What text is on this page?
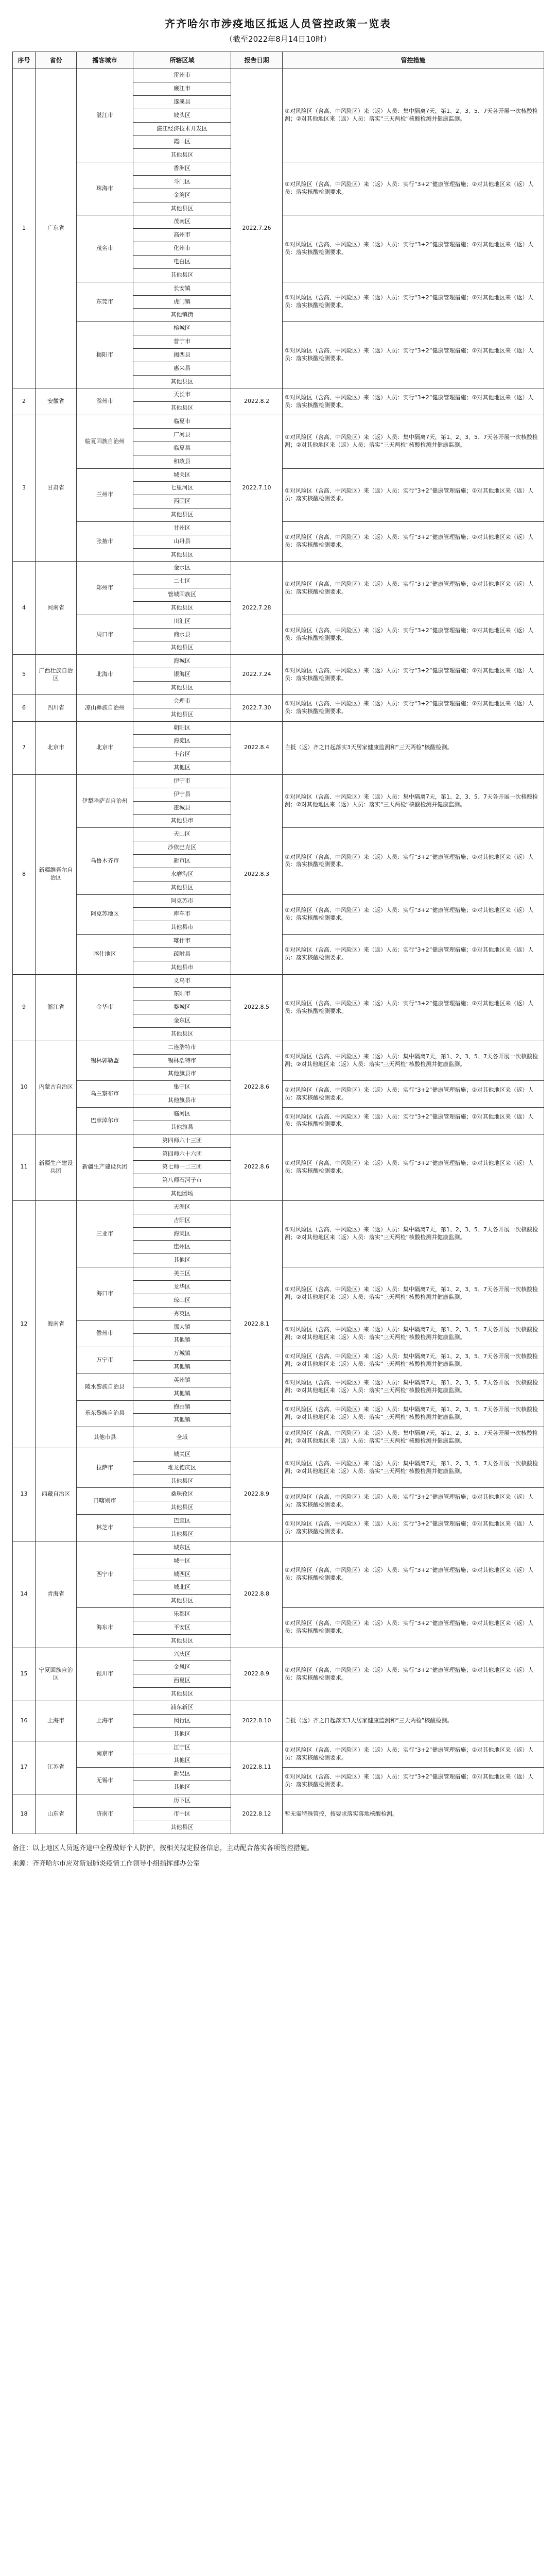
齐齐哈尔市涉疫地区抵返人员管控政策一览表
（截至2022年8月14日10时）
序号	省份	播客城市	所辖区域	报告日期	管控措施
1	广东省	湛江市	雷州市	2022.7.26	①对风险区（含高、中风险区）来（返）人员：集中隔离7天，第1、2、3、5、7天各开展一次核酸检测；②对其他地区来（返）人员：落实“三天两检”核酸检测并健康监测。
			廉江市		
			遂溪县		
			坡头区		
			湛江经济技术开发区		
			霞山区		
			其他县区		
		珠海市	香洲区		①对风险区（含高、中风险区）来（返）人员：实行“3+2”健康管理措施；②对其他地区来（返）人员：落实核酸检测要求。
			斗门区		
			金湾区		
			其他县区		
		茂名市	茂南区		①对风险区（含高、中风险区）来（返）人员：实行“3+2”健康管理措施；②对其他地区来（返）人员：落实核酸检测要求。
			高州市		
			化州市		
			电白区		
			其他县区		
		东莞市	长安镇		①对风险区（含高、中风险区）来（返）人员：实行“3+2”健康管理措施；②对其他地区来（返）人员：落实核酸检测要求。
			虎门镇		
			其他镇街		
		揭阳市	榕城区		①对风险区（含高、中风险区）来（返）人员：实行“3+2”健康管理措施；②对其他地区来（返）人员：落实核酸检测要求。
			普宁市		
			揭西县		
			惠来县		
			其他县区		
2	安徽省	滁州市	天长市	2022.8.2	①对风险区（含高、中风险区）来（返）人员：实行“3+2”健康管理措施；②对其他地区来（返）人员：落实核酸检测要求。
			其他县区		
3	甘肃省	临夏回族自治州	临夏市	2022.7.10	①对风险区（含高、中风险区）来（返）人员：集中隔离7天，第1、2、3、5、7天各开展一次核酸检测；②对其他地区来（返）人员：落实“三天两检”核酸检测并健康监测。
			广河县		
			临夏县		
			和政县		
		兰州市	城关区		①对风险区（含高、中风险区）来（返）人员：实行“3+2”健康管理措施；②对其他地区来（返）人员：落实核酸检测要求。
			七里河区		
			西固区		
			其他县区		
		张掖市	甘州区		①对风险区（含高、中风险区）来（返）人员：实行“3+2”健康管理措施；②对其他地区来（返）人员：落实核酸检测要求。
			山丹县		
			其他县区		
4	河南省	郑州市	金水区	2022.7.28	①对风险区（含高、中风险区）来（返）人员：实行“3+2”健康管理措施；②对其他地区来（返）人员：落实核酸检测要求。
			二七区		
			管城回族区		
			其他县区		
		周口市	川汇区		①对风险区（含高、中风险区）来（返）人员：实行“3+2”健康管理措施；②对其他地区来（返）人员：落实核酸检测要求。
			商水县		
			其他县区		
5	广西壮族自治区	北海市	海城区	2022.7.24	①对风险区（含高、中风险区）来（返）人员：实行“3+2”健康管理措施；②对其他地区来（返）人员：落实核酸检测要求。
			银海区		
			其他县区		
6	四川省	凉山彝族自治州	会理市	2022.7.30	①对风险区（含高、中风险区）来（返）人员：实行“3+2”健康管理措施；②对其他地区来（返）人员：落实核酸检测要求。
			其他县区		
7	北京市	北京市	朝阳区	2022.8.4	自抵（返）齐之日起落实3天居家健康监测和“三天两检”核酸检测。
			海淀区		
			丰台区		
			其他区		
8	新疆维吾尔自治区	伊犁哈萨克自治州	伊宁市	2022.8.3	①对风险区（含高、中风险区）来（返）人员：集中隔离7天，第1、2、3、5、7天各开展一次核酸检测；②对其他地区来（返）人员：落实“三天两检”核酸检测并健康监测。
			伊宁县		
			霍城县		
			其他县市		
		乌鲁木齐市	天山区		①对风险区（含高、中风险区）来（返）人员：实行“3+2”健康管理措施；②对其他地区来（返）人员：落实核酸检测要求。
			沙依巴克区		
			新市区		
			水磨沟区		
			其他县区		
		阿克苏地区	阿克苏市		①对风险区（含高、中风险区）来（返）人员：实行“3+2”健康管理措施；②对其他地区来（返）人员：落实核酸检测要求。
			库车市		
			其他县市		
		喀什地区	喀什市		①对风险区（含高、中风险区）来（返）人员：实行“3+2”健康管理措施；②对其他地区来（返）人员：落实核酸检测要求。
			疏附县		
			其他县市		
9	浙江省	金华市	义乌市	2022.8.5	①对风险区（含高、中风险区）来（返）人员：实行“3+2”健康管理措施；②对其他地区来（返）人员：落实核酸检测要求。
			东阳市		
			婺城区		
			金东区		
			其他县区		
10	内蒙古自治区	锡林郭勒盟	二连浩特市	2022.8.6	①对风险区（含高、中风险区）来（返）人员：集中隔离7天，第1、2、3、5、7天各开展一次核酸检测；②对其他地区来（返）人员：落实“三天两检”核酸检测并健康监测。
			锡林浩特市		
			其他旗县市		
		乌兰察布市	集宁区		①对风险区（含高、中风险区）来（返）人员：实行“3+2”健康管理措施；②对其他地区来（返）人员：落实核酸检测要求。
			其他旗县市		
		巴彦淖尔市	临河区		①对风险区（含高、中风险区）来（返）人员：实行“3+2”健康管理措施；②对其他地区来（返）人员：落实核酸检测要求。
			其他旗县		
11	新疆生产建设兵团	新疆生产建设兵团	第四师六十三团	2022.8.6	①对风险区（含高、中风险区）来（返）人员：实行“3+2”健康管理措施；②对其他地区来（返）人员：落实核酸检测要求。
			第四师六十六团		
			第七师一二三团		
			第八师石河子市		
			其他团场		
12	海南省	三亚市	天涯区	2022.8.1	①对风险区（含高、中风险区）来（返）人员：集中隔离7天，第1、2、3、5、7天各开展一次核酸检测；②对其他地区来（返）人员：落实“三天两检”核酸检测并健康监测。
			吉阳区		
			海棠区		
			崖州区		
			其他区		
		海口市	美兰区		①对风险区（含高、中风险区）来（返）人员：集中隔离7天，第1、2、3、5、7天各开展一次核酸检测；②对其他地区来（返）人员：落实“三天两检”核酸检测并健康监测。
			龙华区		
			琼山区		
			秀英区		
		儋州市	那大镇		①对风险区（含高、中风险区）来（返）人员：集中隔离7天，第1、2、3、5、7天各开展一次核酸检测；②对其他地区来（返）人员：落实“三天两检”核酸检测并健康监测。
			其他镇		
		万宁市	万城镇		①对风险区（含高、中风险区）来（返）人员：集中隔离7天，第1、2、3、5、7天各开展一次核酸检测；②对其他地区来（返）人员：落实“三天两检”核酸检测并健康监测。
			其他镇		
		陵水黎族自治县	英州镇		①对风险区（含高、中风险区）来（返）人员：集中隔离7天，第1、2、3、5、7天各开展一次核酸检测；②对其他地区来（返）人员：落实“三天两检”核酸检测并健康监测。
			其他镇		
		乐东黎族自治县	抱由镇		①对风险区（含高、中风险区）来（返）人员：集中隔离7天，第1、2、3、5、7天各开展一次核酸检测；②对其他地区来（返）人员：落实“三天两检”核酸检测并健康监测。
			其他镇		
		其他市县	全域		①对风险区（含高、中风险区）来（返）人员：集中隔离7天，第1、2、3、5、7天各开展一次核酸检测；②对其他地区来（返）人员：落实“三天两检”核酸检测并健康监测。
13	西藏自治区	拉萨市	城关区	2022.8.9	①对风险区（含高、中风险区）来（返）人员：集中隔离7天，第1、2、3、5、7天各开展一次核酸检测；②对其他地区来（返）人员：落实“三天两检”核酸检测并健康监测。
			堆龙德庆区		
			其他县区		
		日喀则市	桑珠孜区		①对风险区（含高、中风险区）来（返）人员：实行“3+2”健康管理措施；②对其他地区来（返）人员：落实核酸检测要求。
			其他县区		
		林芝市	巴宜区		①对风险区（含高、中风险区）来（返）人员：实行“3+2”健康管理措施；②对其他地区来（返）人员：落实核酸检测要求。
			其他县区		
14	青海省	西宁市	城东区	2022.8.8	①对风险区（含高、中风险区）来（返）人员：实行“3+2”健康管理措施；②对其他地区来（返）人员：落实核酸检测要求。
			城中区		
			城西区		
			城北区		
			其他县区		
		海东市	乐都区		①对风险区（含高、中风险区）来（返）人员：实行“3+2”健康管理措施；②对其他地区来（返）人员：落实核酸检测要求。
			平安区		
			其他县区		
15	宁夏回族自治区	银川市	兴庆区	2022.8.9	①对风险区（含高、中风险区）来（返）人员：实行“3+2”健康管理措施；②对其他地区来（返）人员：落实核酸检测要求。
			金凤区		
			西夏区		
			其他县区		
16	上海市	上海市	浦东新区	2022.8.10	自抵（返）齐之日起落实3天居家健康监测和“三天两检”核酸检测。
			闵行区		
			其他区		
17	江苏省	南京市	江宁区	2022.8.11	①对风险区（含高、中风险区）来（返）人员：实行“3+2”健康管理措施；②对其他地区来（返）人员：落实核酸检测要求。
			其他区		
		无锡市	新吴区		①对风险区（含高、中风险区）来（返）人员：实行“3+2”健康管理措施；②对其他地区来（返）人员：落实核酸检测要求。
			其他区		
18	山东省	济南市	历下区	2022.8.12	暂无需特殊管控，按要求落实落地核酸检测。
			市中区		
			其他县区		
备注：以上地区人员返齐途中全程做好个人防护，按相关规定报备信息，主动配合落实各项管控措施。
来源：齐齐哈尔市应对新冠肺炎疫情工作领导小组指挥部办公室
